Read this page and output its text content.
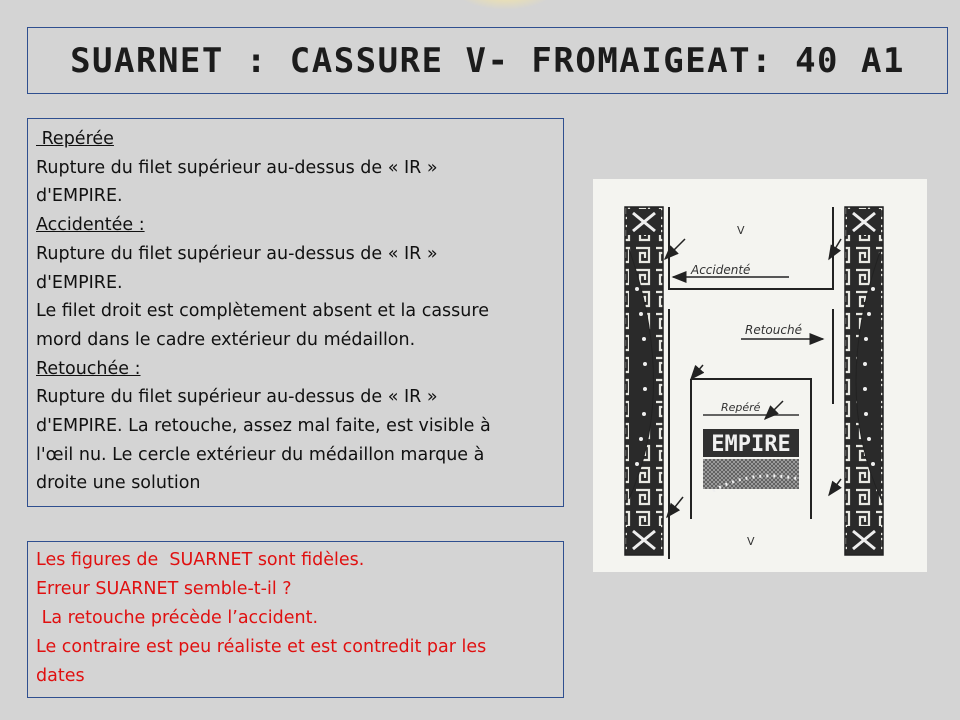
SUARNET : CASSURE V- FROMAIGEAT: 40 A1
Repérée
Rupture du filet supérieur au-dessus de « IR »
d'EMPIRE.
Accidentée :
Rupture du filet supérieur au-dessus de « IR »
d'EMPIRE.
Le filet droit est complètement absent et la cassure
mord dans le cadre extérieur du médaillon.
Retouchée :
Rupture du filet supérieur au-dessus de « IR »
d'EMPIRE. La retouche, assez mal faite, est visible à
l'œil nu. Le cercle extérieur du médaillon marque à
droite une solution
Les figures de  SUARNET sont fidèles.
Erreur SUARNET semble-t-il ?
La retouche précède l’accident.
Le contraire est peu réaliste et est contredit par les
dates
EMPIRE
V
V
Accidenté
Retouché
Repéré
